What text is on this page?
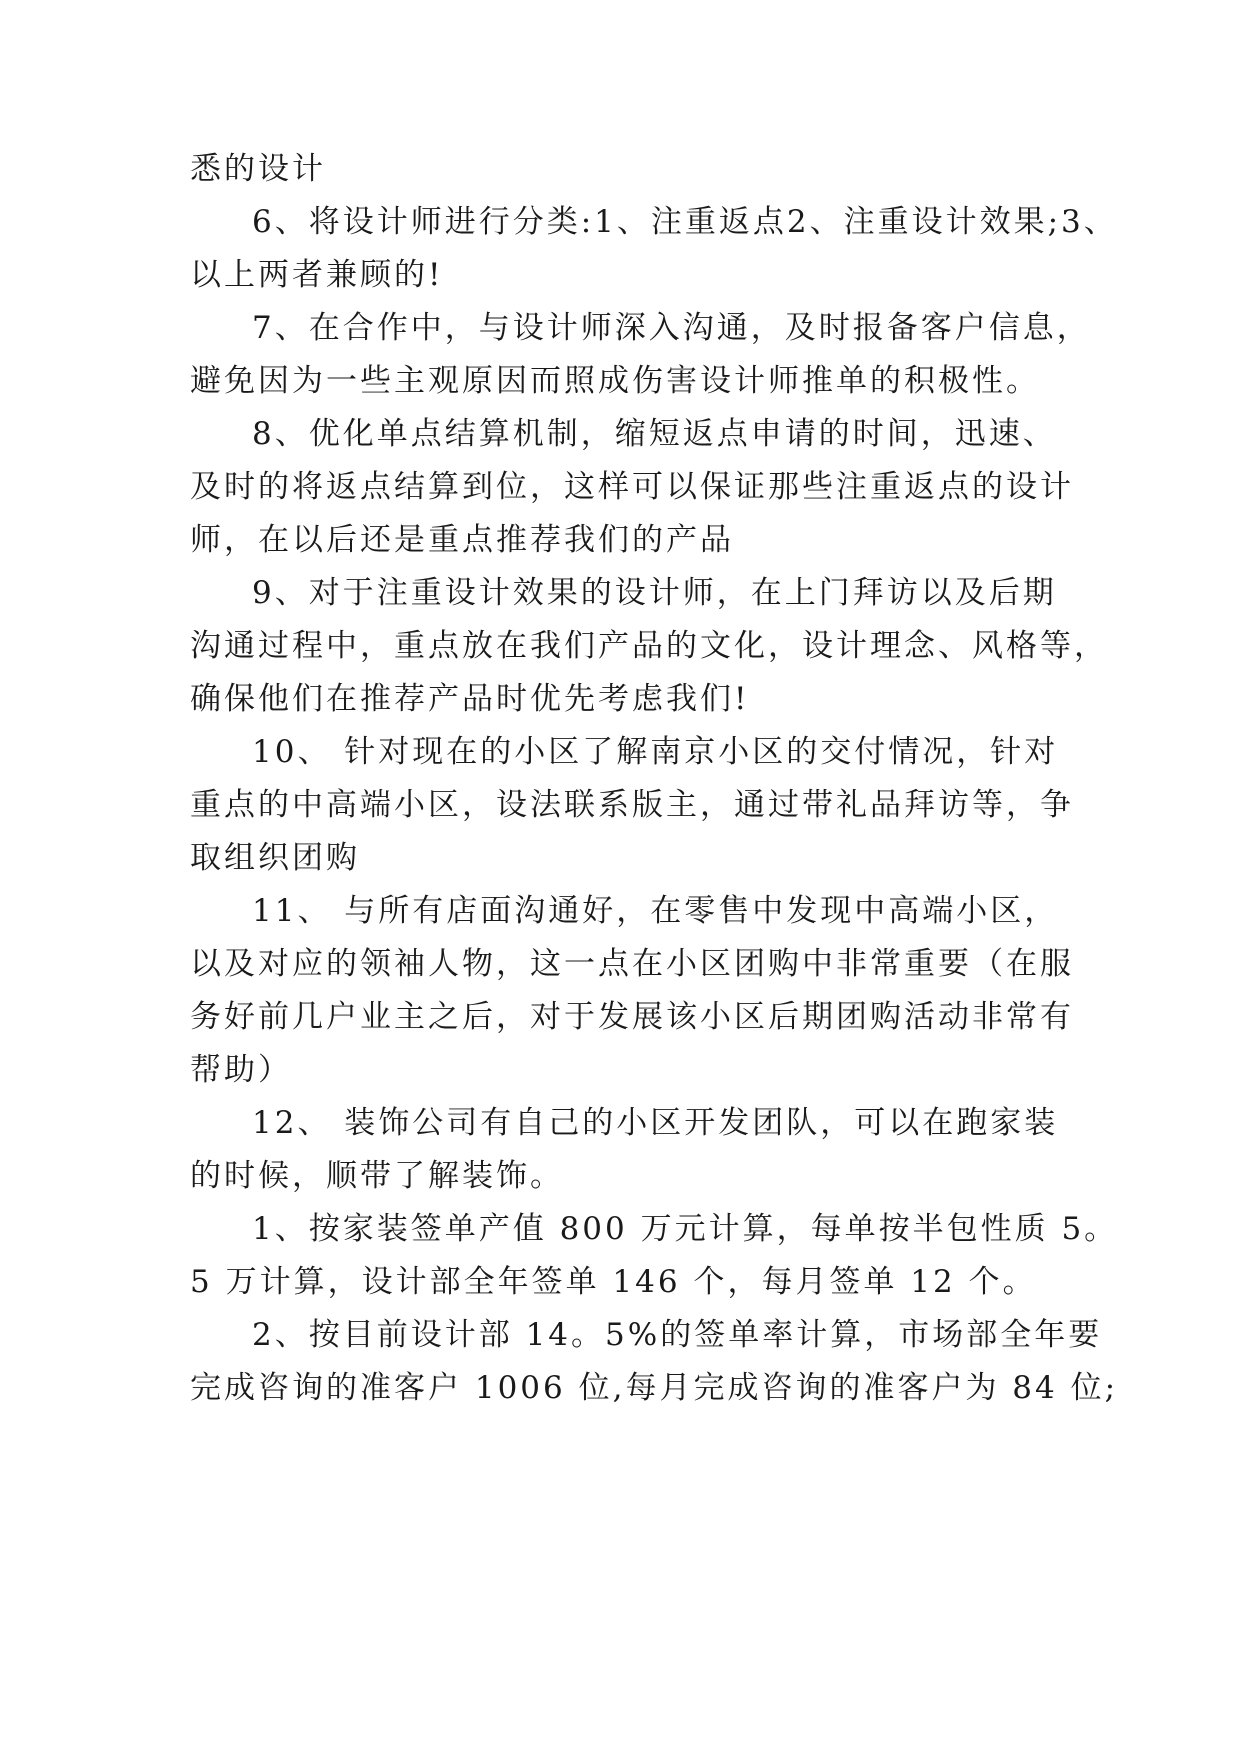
悉的设计
6、将设计师进行分类:1、注重返点2、注重设计效果;3、
以上两者兼顾的!
7、在合作中，与设计师深入沟通，及时报备客户信息，
避免因为一些主观原因而照成伤害设计师推单的积极性。
8、优化单点结算机制，缩短返点申请的时间，迅速、
及时的将返点结算到位，这样可以保证那些注重返点的设计
师，在以后还是重点推荐我们的产品
9、对于注重设计效果的设计师，在上门拜访以及后期
沟通过程中，重点放在我们产品的文化，设计理念、风格等，
确保他们在推荐产品时优先考虑我们!
10、 针对现在的小区了解南京小区的交付情况，针对
重点的中高端小区，设法联系版主，通过带礼品拜访等，争
取组织团购
11、 与所有店面沟通好，在零售中发现中高端小区，
以及对应的领袖人物，这一点在小区团购中非常重要（在服
务好前几户业主之后，对于发展该小区后期团购活动非常有
帮助）
12、 装饰公司有自己的小区开发团队，可以在跑家装
的时候，顺带了解装饰。
1、按家装签单产值 800 万元计算，每单按半包性质 5。
5 万计算，设计部全年签单 146 个，每月签单 12 个。
2、按目前设计部 14。5%的签单率计算，市场部全年要
完成咨询的准客户 1006 位,每月完成咨询的准客户为 84 位;
